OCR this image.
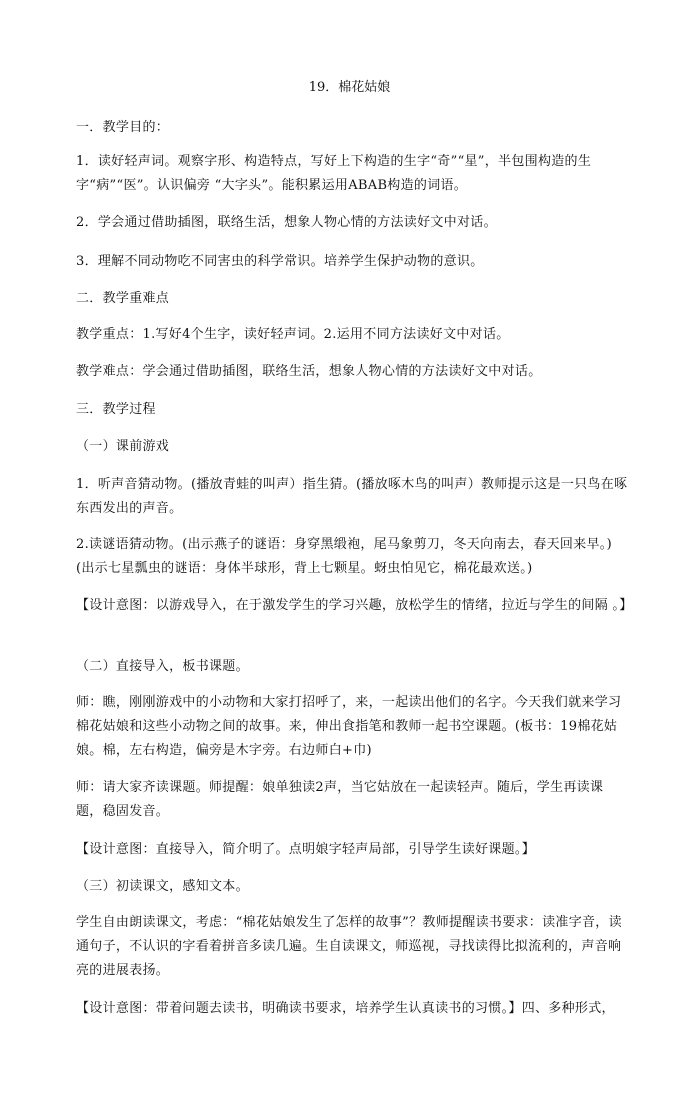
19．棉花姑娘
一．教学目的：
1．读好轻声词。观察字形、构造特点，写好上下构造的生字“奇”“星”，半包围构造的生字“病”“医”。认识偏旁 “大字头”。能积累运用ABAB构造的词语。
2．学会通过借助插图，联络生活，想象人物心情的方法读好文中对话。
3．理解不同动物吃不同害虫的科学常识。培养学生保护动物的意识。
二．教学重难点
教学重点：1.写好4个生字，读好轻声词。2.运用不同方法读好文中对话。
教学难点：学会通过借助插图，联络生活，想象人物心情的方法读好文中对话。
三．教学过程
（一）课前游戏
1．听声音猜动物。(播放青蛙的叫声）指生猜。(播放啄木鸟的叫声）教师提示这是一只鸟在啄东西发出的声音。
2.读谜语猜动物。(出示燕子的谜语：身穿黑缎袍，尾马象剪刀，冬天向南去，春天回来早。)(出示七星瓢虫的谜语：身体半球形，背上七颗星。蚜虫怕见它，棉花最欢送。)
【设计意图：以游戏导入，在于激发学生的学习兴趣，放松学生的情绪，拉近与学生的间隔 。】
（二）直接导入，板书课题。
师：瞧，刚刚游戏中的小动物和大家打招呼了，来，一起读出他们的名字。今天我们就来学习棉花姑娘和这些小动物之间的故事。来，伸出食指笔和教师一起书空课题。(板书：19棉花姑娘。棉，左右构造，偏旁是木字旁。右边师白+巾)
师：请大家齐读课题。师提醒：娘单独读2声，当它姑放在一起读轻声。随后，学生再读课题，稳固发音。
【设计意图：直接导入，简介明了。点明娘字轻声局部，引导学生读好课题。】
（三）初读课文，感知文本。
学生自由朗读课文，考虑：“棉花姑娘发生了怎样的故事”？教师提醒读书要求：读准字音，读通句子，不认识的字看着拼音多读几遍。生自读课文，师巡视，寻找读得比拟流利的，声音响亮的进展表扬。
【设计意图：带着问题去读书，明确读书要求，培养学生认真读书的习惯。】四、多种形式，
